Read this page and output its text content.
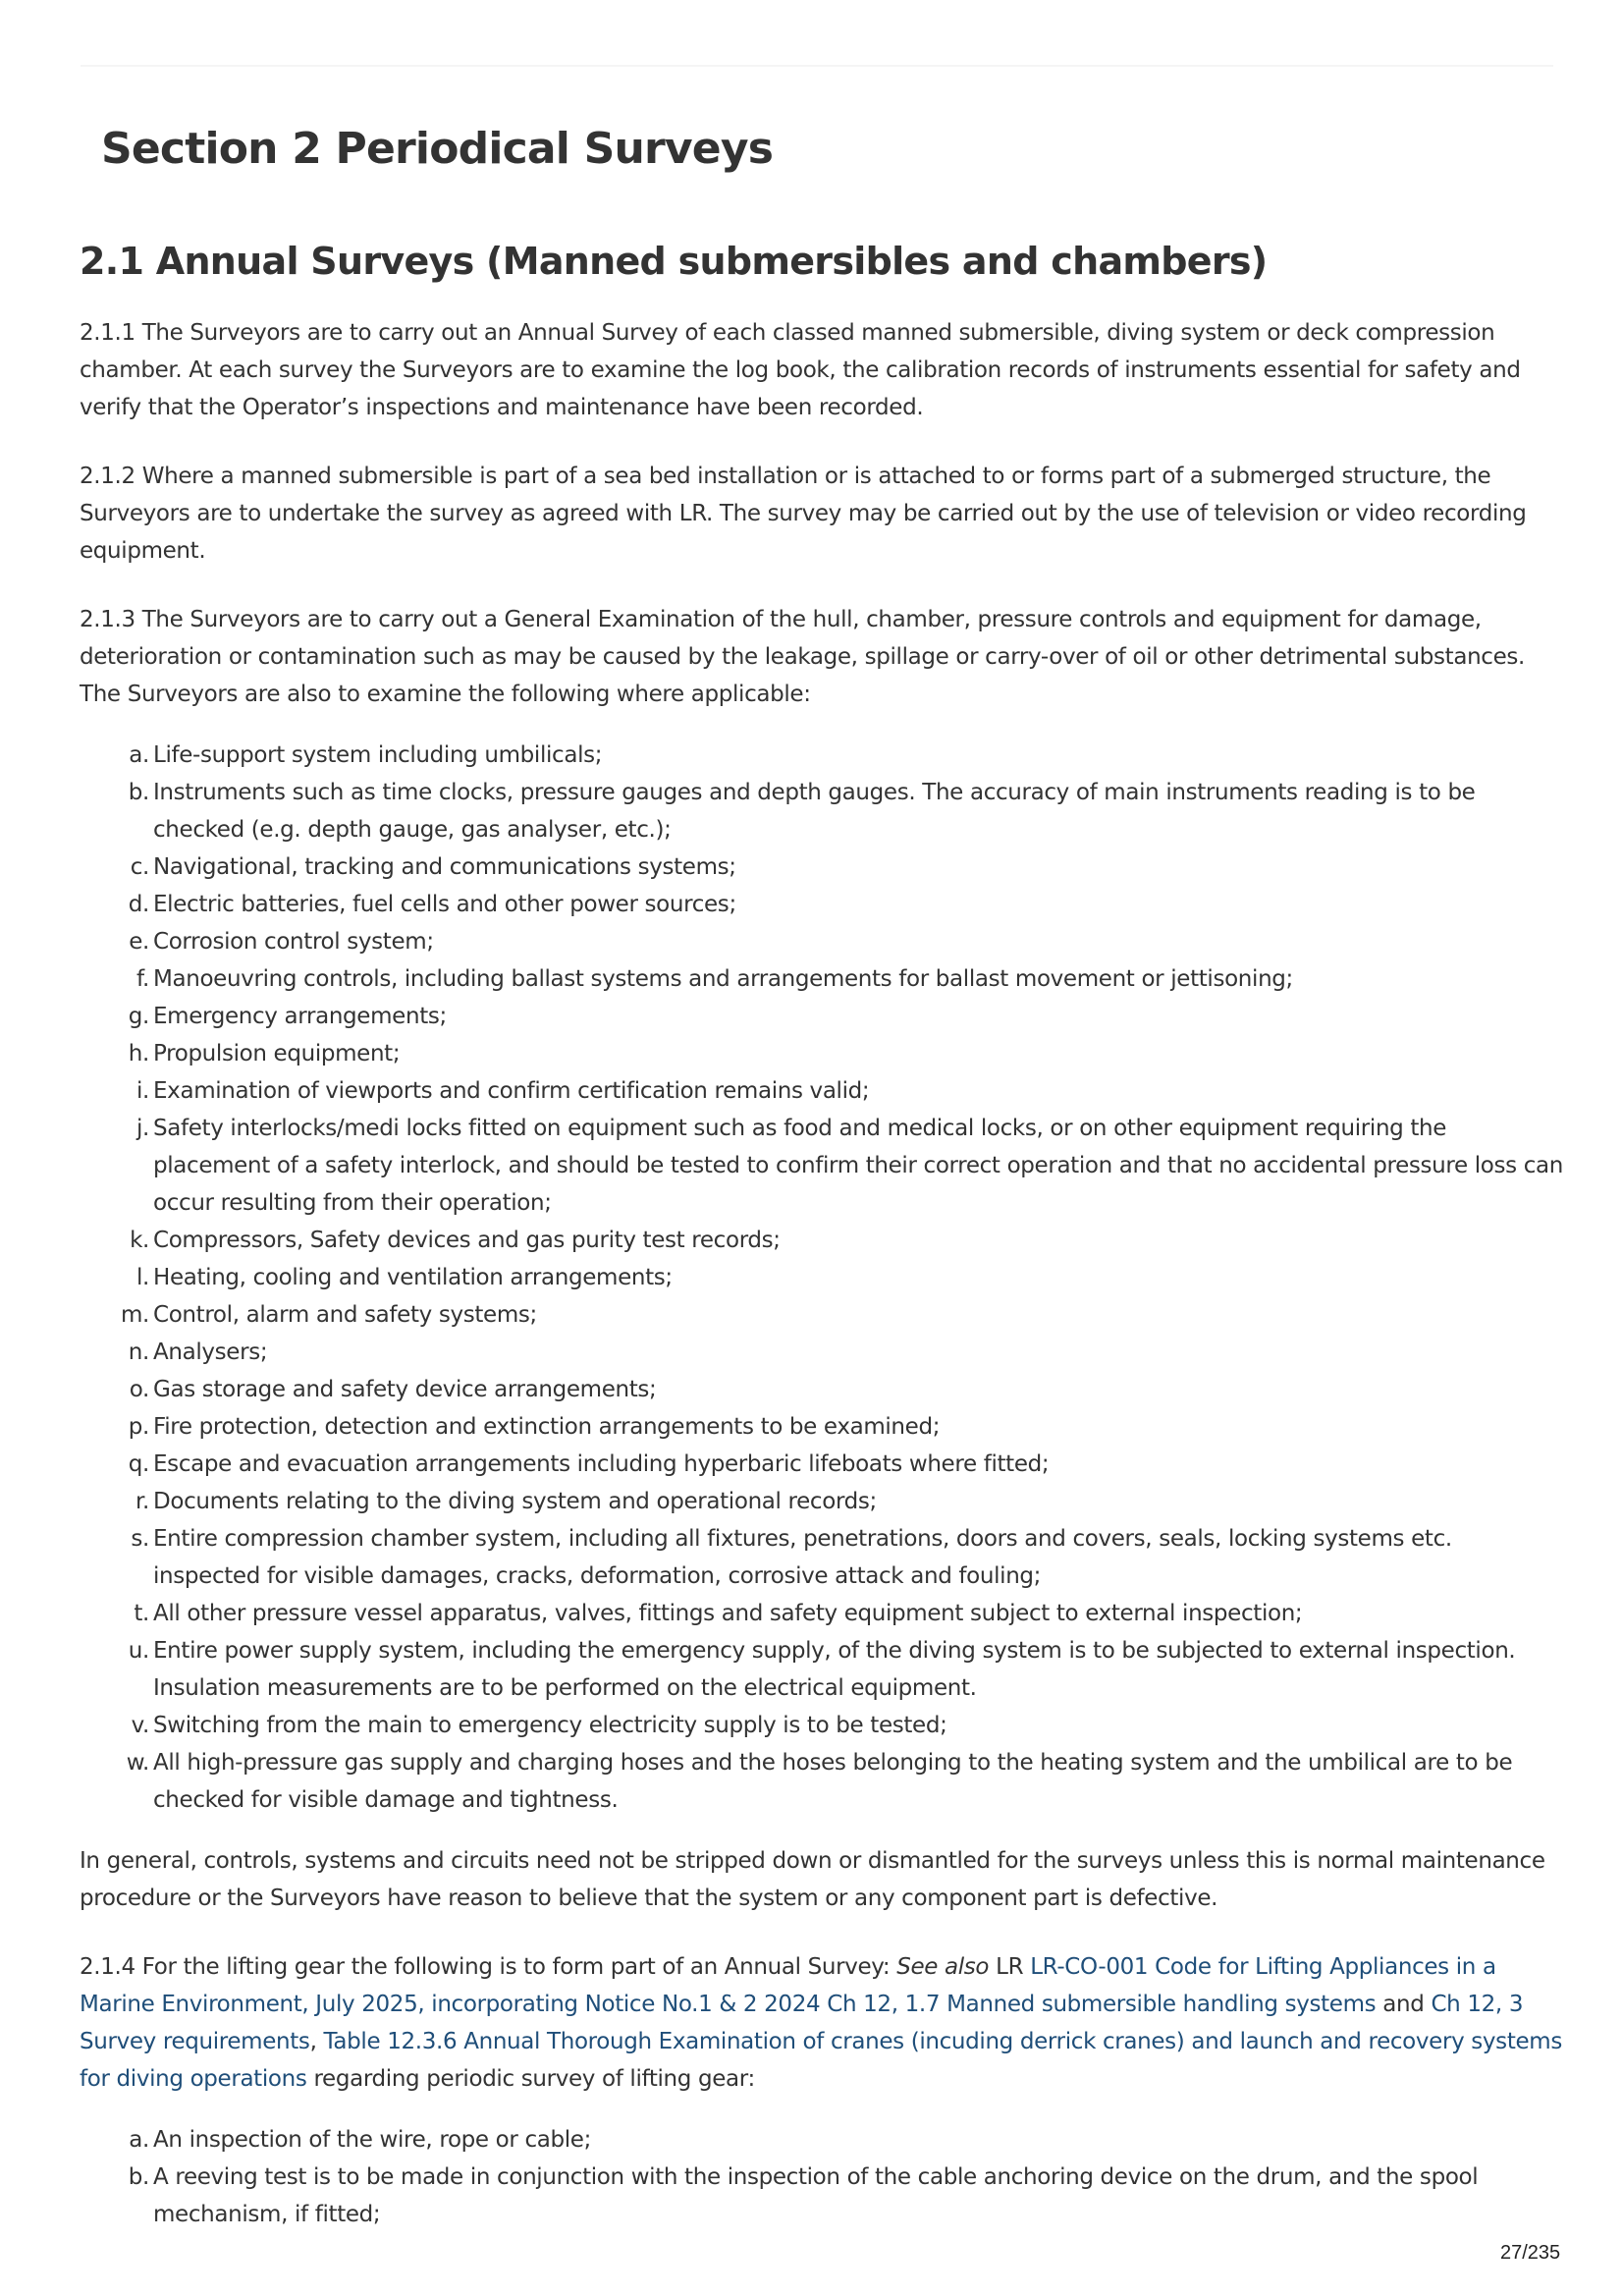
Section 2 Periodical Surveys
2.1 Annual Surveys (Manned submersibles and chambers)

2.1.1 The Surveyors are to carry out an Annual Survey of each classed manned submersible, diving system or deck compression chamber. At each survey the Surveyors are to examine the log book, the calibration records of instruments essential for safety and verify that the Operator’s inspections and maintenance have been recorded.

2.1.2 Where a manned submersible is part of a sea bed installation or is attached to or forms part of a submerged structure, the Surveyors are to undertake the survey as agreed with LR. The survey may be carried out by the use of television or video recording equipment.

2.1.3 The Surveyors are to carry out a General Examination of the hull, chamber, pressure controls and equipment for damage, deterioration or contamination such as may be caused by the leakage, spillage or carry-over of oil or other detrimental substances. The Surveyors are also to examine the following where applicable:

a. Life-support system including umbilicals;
b. Instruments such as time clocks, pressure gauges and depth gauges. The accuracy of main instruments reading is to be checked (e.g. depth gauge, gas analyser, etc.);
c. Navigational, tracking and communications systems;
d. Electric batteries, fuel cells and other power sources;
e. Corrosion control system;
f. Manoeuvring controls, including ballast systems and arrangements for ballast movement or jettisoning;
g. Emergency arrangements;
h. Propulsion equipment;
i. Examination of viewports and confirm certification remains valid;
j. Safety interlocks/medi locks fitted on equipment such as food and medical locks, or on other equipment requiring the placement of a safety interlock, and should be tested to confirm their correct operation and that no accidental pressure loss can occur resulting from their operation;
k. Compressors, Safety devices and gas purity test records;
l. Heating, cooling and ventilation arrangements;
m. Control, alarm and safety systems;
n. Analysers;
o. Gas storage and safety device arrangements;
p. Fire protection, detection and extinction arrangements to be examined;
q. Escape and evacuation arrangements including hyperbaric lifeboats where fitted;
r. Documents relating to the diving system and operational records;
s. Entire compression chamber system, including all fixtures, penetrations, doors and covers, seals, locking systems etc. inspected for visible damages, cracks, deformation, corrosive attack and fouling;
t. All other pressure vessel apparatus, valves, fittings and safety equipment subject to external inspection;
u. Entire power supply system, including the emergency supply, of the diving system is to be subjected to external inspection. Insulation measurements are to be performed on the electrical equipment.
v. Switching from the main to emergency electricity supply is to be tested;
w. All high-pressure gas supply and charging hoses and the hoses belonging to the heating system and the umbilical are to be checked for visible damage and tightness.

In general, controls, systems and circuits need not be stripped down or dismantled for the surveys unless this is normal maintenance procedure or the Surveyors have reason to believe that the system or any component part is defective.

2.1.4 For the lifting gear the following is to form part of an Annual Survey: See also LR LR-CO-001 Code for Lifting Appliances in a Marine Environment, July 2025, incorporating Notice No.1 & 2 2024 Ch 12, 1.7 Manned submersible handling systems and Ch 12, 3 Survey requirements, Table 12.3.6 Annual Thorough Examination of cranes (incuding derrick cranes) and launch and recovery systems for diving operations regarding periodic survey of lifting gear:

a. An inspection of the wire, rope or cable;
b. A reeving test is to be made in conjunction with the inspection of the cable anchoring device on the drum, and the spool mechanism, if fitted;
27/235
